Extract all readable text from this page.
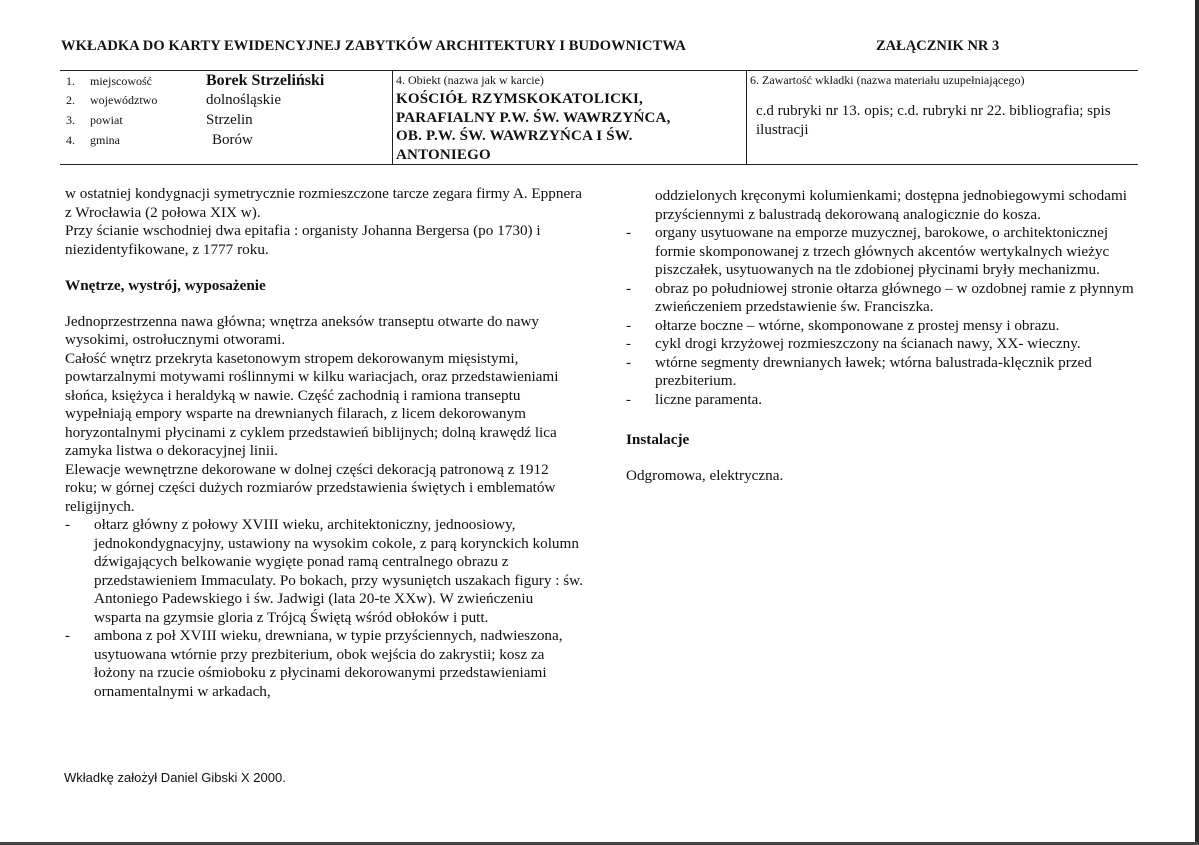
WKŁADKA DO KARTY EWIDENCYJNEJ ZABYTKÓW ARCHITEKTURY I BUDOWNICTWA	ZAŁĄCZNIK NR 3
1.	miejscowość	Borek Strzeliński
2.	województwo	dolnośląskie
3.	powiat	Strzelin
4.	gmina	Borów
4. Obiekt (nazwa jak w karcie)
KOŚCIÓŁ RZYMSKOKATOLICKI,
PARAFIALNY P.W. ŚW. WAWRZYŃCA,
OB. P.W. ŚW. WAWRZYŃCA I ŚW.
ANTONIEGO
6. Zawartość wkładki (nazwa materiału uzupełniającego)
c.d rubryki nr 13. opis; c.d. rubryki nr 22. bibliografia; spis ilustracji

w ostatniej kondygnacji symetrycznie rozmieszczone tarcze zegara firmy A. Eppnera z Wrocławia (2 połowa XIX w).

Przy ścianie wschodniej dwa epitafia : organisty Johanna Bergersa (po 1730) i niezidentyfikowane, z 1777 roku.

Wnętrze, wystrój, wyposażenie

Jednoprzestrzenna nawa główna; wnętrza aneksów transeptu otwarte do nawy wysokimi, ostrołucznymi otworami.

Całość wnętrz przekryta kasetonowym stropem dekorowanym mięsistymi, powtarzalnymi motywami roślinnymi w kilku wariacjach, oraz przedstawieniami słońca, księżyca i heraldyką w nawie. Część zachodnią i ramiona transeptu wypełniają empory wsparte na drewnianych filarach, z licem dekorowanym horyzontalnymi płycinami z cyklem przedstawień biblijnych; dolną krawędź lica zamyka listwa o dekoracyjnej linii.

Elewacje wewnętrzne dekorowane w dolnej części dekoracją patronową z 1912 roku; w górnej części dużych rozmiarów przedstawienia świętych i emblematów religijnych.

-	ołtarz główny z połowy XVIII wieku, architektoniczny, jednoosiowy, jednokondygnacyjny, ustawiony na wysokim cokole, z parą korynckich kolumn dźwigających belkowanie wygięte ponad ramą centralnego obrazu z przedstawieniem Immaculaty. Po bokach, przy wysuniętch uszakach figury : św. Antoniego Padewskiego i św. Jadwigi (lata 20-te XXw). W zwieńczeniu wsparta na gzymsie gloria z Trójcą Świętą wśród obłoków i putt.
-	ambona z poł XVIII wieku, drewniana, w typie przyściennych, nadwieszona, usytuowana wtórnie przy prezbiterium, obok wejścia do zakrystii; kosz za łożony na rzucie ośmioboku z płycinami dekorowanymi przedstawieniami ornamentalnymi w arkadach,
oddzielonych kręconymi kolumienkami; dostępna jednobiegowymi schodami przyściennymi z balustradą dekorowaną analogicznie do kosza.
-	organy usytuowane na emporze muzycznej, barokowe, o architektonicznej formie skomponowanej z trzech głównych akcentów wertykalnych wieżyc piszczałek, usytuowanych na tle zdobionej płycinami bryły mechanizmu.
-	obraz po południowej stronie ołtarza głównego – w ozdobnej ramie z płynnym zwieńczeniem przedstawienie św. Franciszka.
-	ołtarze boczne – wtórne, skomponowane z prostej mensy i obrazu.
-	cykl drogi krzyżowej rozmieszczony na ścianach nawy, XX- wieczny.
-	wtórne segmenty drewnianych ławek; wtórna balustrada-klęcznik przed prezbiterium.
-	liczne paramenta.
Instalacje
Odgromowa, elektryczna.
Wkładkę założył Daniel Gibski X 2000.
